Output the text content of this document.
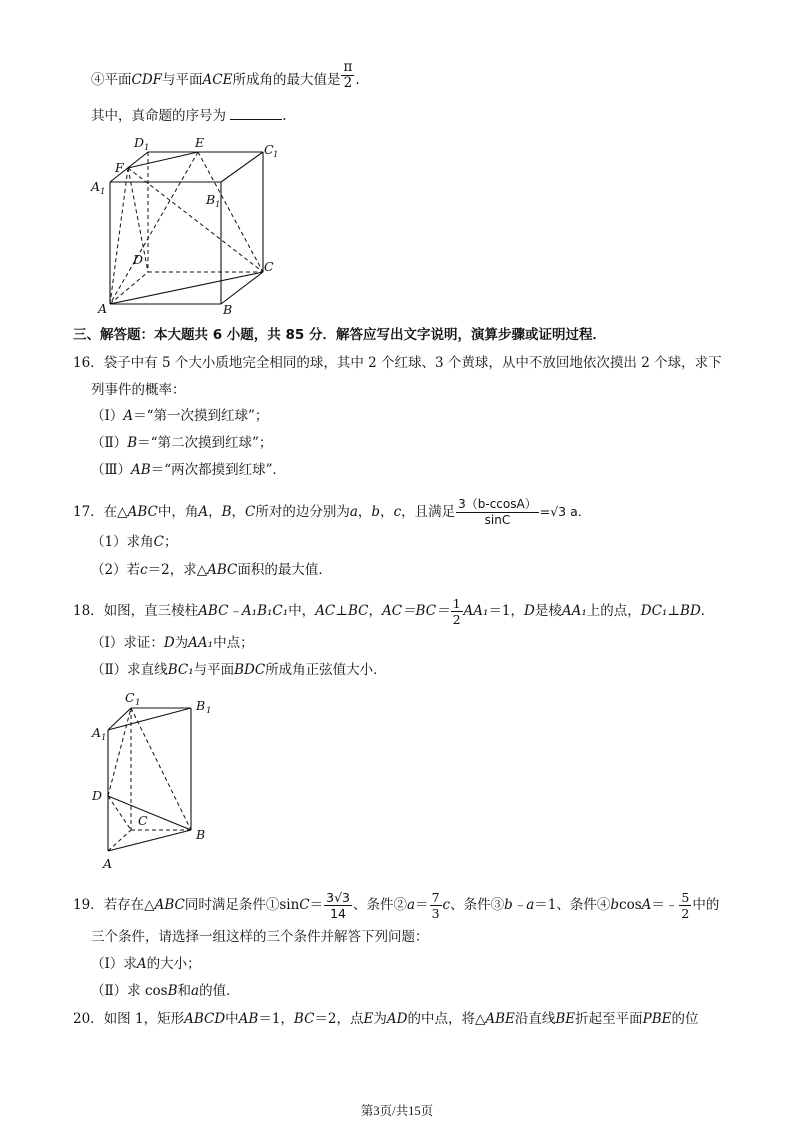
④平面CDF与平面ACE所成角的最大值是 $\frac{\pi}{2}$ .
其中，真命题的序号为	.
D 1	E	C 1
F
A 1	B 1
D	C
A	B
三、解答题：本大题共 6 小题，共 85 分．解答应写出文字说明，演算步骤或证明过程．
16．袋子中有 5 个大小质地完全相同的球，其中 2 个红球、3 个黄球，从中不放回地依次摸出 2 个球，求下
列事件的概率：
（Ⅰ）A＝“第一次摸到红球”；
（Ⅱ）B＝“第二次摸到红球”；
（Ⅲ）AB＝“两次都摸到红球”．
17．在△ABC中，角A，B，C所对的边分别为a，b，c，且满足 $\frac{3(b-ccosA)}{\sin C} =√3$ a.
（1）求角C；
（2）若c＝2，求△ABC面积的最大值．
18．如图，直三棱柱ABC﹣A₁B₁C₁中，AC⊥BC，$AC=BC= \frac{1}{2} AA_1=1$，D是棱AA₁上的点，DC₁⊥BD．
（Ⅰ）求证：D为AA₁中点；
（Ⅱ）求直线BC₁与平面BDC所成角正弦值大小．
C 1	B 1
A 1
D
C
B
A
19．若存在△ABC同时满足条件①sinC＝ $\frac{3√3}{14}$ 、条件②a＝ $\frac{7}{3}$ c、条件③b﹣a＝1、条件④bcosA＝﹣ $\frac{5}{2}$ 中的
三个条件，请选择一组这样的三个条件并解答下列问题：
（Ⅰ）求A的大小；
（Ⅱ）求 cosB和a的值．
20．如图 1，矩形ABCD中AB＝1，BC＝2，点E为AD的中点，将△ABE沿直线BE折起至平面PBE的位
第3页/共15页
